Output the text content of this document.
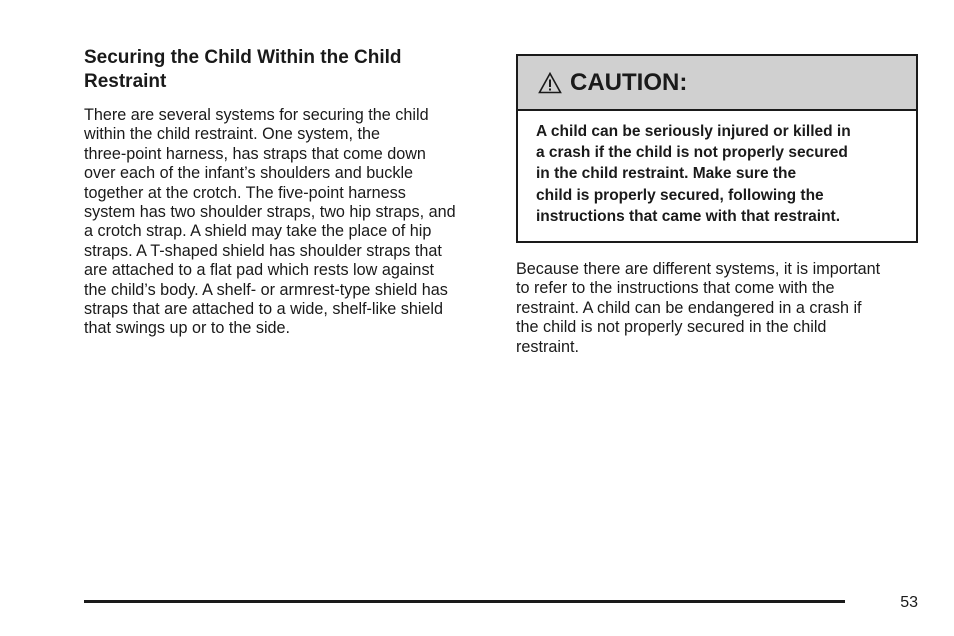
Securing the Child Within the Child
Restraint

There are several systems for securing the child
within the child restraint. One system, the
three-point harness, has straps that come down
over each of the infant’s shoulders and buckle
together at the crotch. The five-point harness
system has two shoulder straps, two hip straps, and
a crotch strap. A shield may take the place of hip
straps. A T-shaped shield has shoulder straps that
are attached to a flat pad which rests low against
the child’s body. A shelf- or armrest-type shield has
straps that are attached to a wide, shelf-like shield
that swings up or to the side.

CAUTION:
A child can be seriously injured or killed in
a crash if the child is not properly secured
in the child restraint. Make sure the
child is properly secured, following the
instructions that came with that restraint.

Because there are different systems, it is important
to refer to the instructions that come with the
restraint. A child can be endangered in a crash if
the child is not properly secured in the child
restraint.

53
